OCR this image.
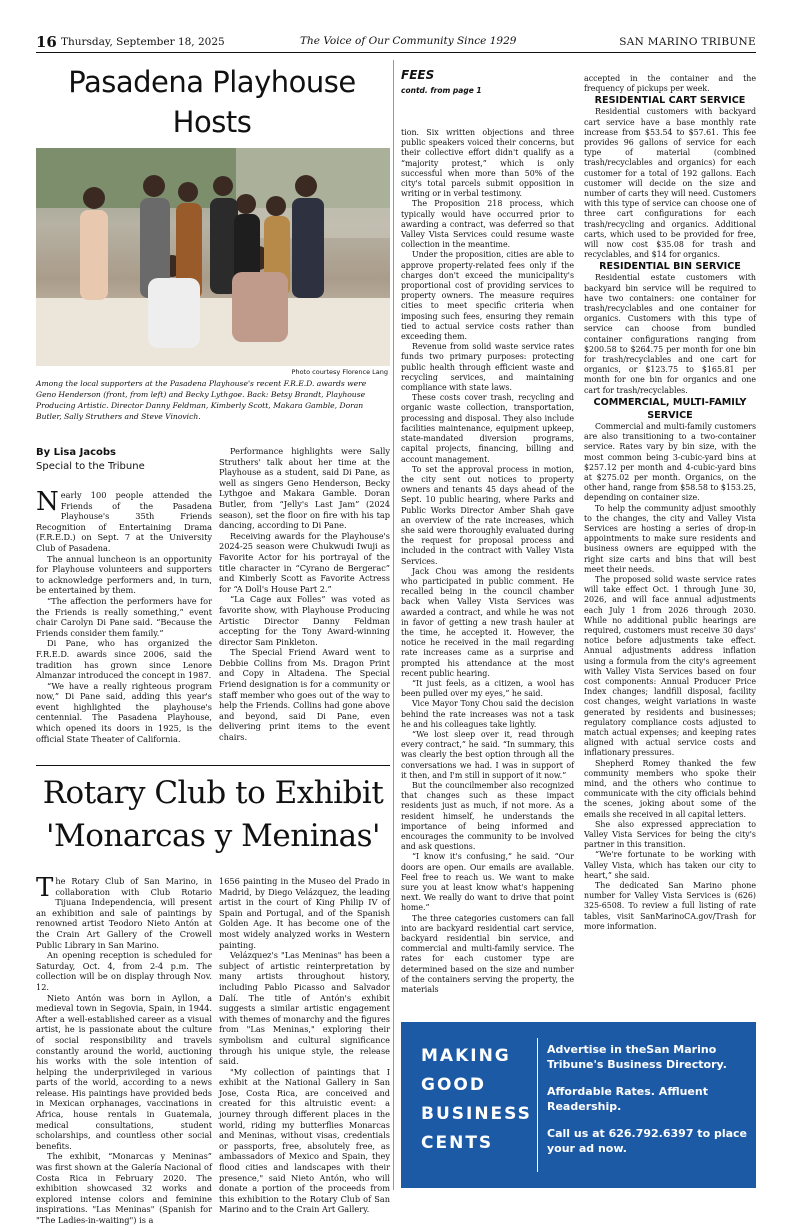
16 Thursday, September 18, 2025	The Voice of Our Community Since 1929	SAN MARINO TRIBUNE
Pasadena Playhouse Hosts
Photo courtesy Florence Lang
Among the local supporters at the Pasadena Playhouse's recent F.R.E.D. awards were Geno Henderson (front, from left) and Becky Lythgoe. Back: Betsy Brandt, Playhouse Producing Artistic. Director Danny Feldman, Kimberly Scott, Makara Gamble, Doran Butler, Sally Struthers and Steve Vinovich.
By Lisa Jacobs
Special to the Tribune

Nearly 100 people attended the Friends of the Pasadena Playhouse's 35th Friends Recognition of Entertaining Drama (F.R.E.D.) on Sept. 7 at the University Club of Pasadena.

The annual luncheon is an opportunity for Playhouse volunteers and supporters to acknowledge performers and, in turn, be entertained by them.

“The affection the performers have for the Friends is really something,” event chair Carolyn Di Pane said. “Because the Friends consider them family.”

Di Pane, who has organized the F.R.E.D. awards since 2006, said the tradition has grown since Lenore Almanzar introduced the concept in 1987.

“We have a really righteous program now,” Di Pane said, adding this year's event highlighted the playhouse's centennial. The Pasadena Playhouse, which opened its doors in 1925, is the official State Theater of California.

Performance highlights were Sally Struthers' talk about her time at the Playhouse as a student, said Di Pane, as well as singers Geno Henderson, Becky Lythgoe and Makara Gamble. Doran Butler, from “Jelly's Last Jam” (2024 season), set the floor on fire with his tap dancing, according to Di Pane.

Receiving awards for the Playhouse's 2024-25 season were Chukwudi Iwuji as Favorite Actor for his portrayal of the title character in “Cyrano de Bergerac” and Kimberly Scott as Favorite Actress for “A Doll's House Part 2.”

“La Cage aux Folles” was voted as favorite show, with Playhouse Producing Artistic Director Danny Feldman accepting for the Tony Award-winning director Sam Pinkleton.

The Special Friend Award went to Debbie Collins from Ms. Dragon Print and Copy in Altadena. The Special Friend designation is for a community or staff member who goes out of the way to help the Friends. Collins had gone above and beyond, said Di Pane, even delivering print items to the event chairs.

Rotary Club to Exhibit
'Monarcas y Meninas'

The Rotary Club of San Marino, in collaboration with Club Rotario Tijuana Independencia, will present an exhibition and sale of paintings by renowned artist Teodoro Nieto Antón at the Crain Art Gallery of the Crowell Public Library in San Marino.

An opening reception is scheduled for Saturday, Oct. 4, from 2-4 p.m. The collection will be on display through Nov. 12.

Nieto Antón was born in Ayllon, a medieval town in Segovia, Spain, in 1944. After a well-established career as a visual artist, he is passionate about the culture of social responsibility and travels constantly around the world, auctioning his works with the sole intention of helping the underprivileged in various parts of the world, according to a news release. His paintings have provided beds in Mexican orphanages, vaccinations in Africa, house rentals in Guatemala, medical consultations, student scholarships, and countless other social benefits.

The exhibit, “Monarcas y Meninas” was first shown at the Galería Nacional of Costa Rica in February 2020. The exhibition showcased 32 works and explored intense colors and feminine inspirations. "Las Meninas" (Spanish for "The Ladies-in-waiting") is a

1656 painting in the Museo del Prado in Madrid, by Diego Velázquez, the leading artist in the court of King Philip IV of Spain and Portugal, and of the Spanish Golden Age. It has become one of the most widely analyzed works in Western painting.

Velázquez's "Las Meninas" has been a subject of artistic reinterpretation by many artists throughout history, including Pablo Picasso and Salvador Dalí. The title of Antón's exhibit suggests a similar artistic engagement with themes of monarchy and the figures from "Las Meninas," exploring their symbolism and cultural significance through his unique style, the release said.

"My collection of paintings that I exhibit at the National Gallery in San Jose, Costa Rica, are conceived and created for this altruistic event: a journey through different places in the world, riding my butterflies Monarcas and Meninas, without visas, credentials or passports, free, absolutely free, as ambassadors of Mexico and Spain, they flood cities and landscapes with their presence," said Nieto Antón, who will donate a portion of the proceeds from this exhibition to the Rotary Club of San Marino and to the Crain Art Gallery.

FEES
contd. from page 1

tion. Six written objections and three public speakers voiced their concerns, but their collective effort didn't qualify as a “majority protest,” which is only successful when more than 50% of the city's total parcels submit opposition in writing or in verbal testimony.

The Proposition 218 process, which typically would have occurred prior to awarding a contract, was deferred so that Valley Vista Services could resume waste collection in the meantime.

Under the proposition, cities are able to approve property-related fees only if the charges don't exceed the municipality's proportional cost of providing services to property owners. The measure requires cities to meet specific criteria when imposing such fees, ensuring they remain tied to actual service costs rather than exceeding them.

Revenue from solid waste service rates funds two primary purposes: protecting public health through efficient waste and recycling services, and maintaining compliance with state laws.

These costs cover trash, recycling and organic waste collection, transportation, processing and disposal. They also include facilities maintenance, equipment upkeep, state-mandated diversion programs, capital projects, financing, billing and account management.

To set the approval process in motion, the city sent out notices to property owners and tenants 45 days ahead of the Sept. 10 public hearing, where Parks and Public Works Director Amber Shah gave an overview of the rate increases, which she said were thoroughly evaluated during the request for proposal process and included in the contract with Valley Vista Services.

Jack Chou was among the residents who participated in public comment. He recalled being in the council chamber back when Valley Vista Services was awarded a contract, and while he was not in favor of getting a new trash hauler at the time, he accepted it. However, the notice he received in the mail regarding rate increases came as a surprise and prompted his attendance at the most recent public hearing.

“It just feels, as a citizen, a wool has been pulled over my eyes,” he said.

Vice Mayor Tony Chou said the decision behind the rate increases was not a task he and his colleagues take lightly.

“We lost sleep over it, read through every contract,” he said. “In summary, this was clearly the best option through all the conversations we had. I was in support of it then, and I'm still in support of it now.”

But the councilmember also recognized that changes such as these impact residents just as much, if not more. As a resident himself, he understands the importance of being informed and encourages the community to be involved and ask questions.

“I know it's confusing,” he said. “Our doors are open. Our emails are available. Feel free to reach us. We want to make sure you at least know what's happening next. We really do want to drive that point home.”

The three categories customers can fall into are backyard residential cart service, backyard residential bin service, and commercial and multi-family service. The rates for each customer type are determined based on the size and number of the containers serving the property, the materials

accepted in the container and the frequency of pickups per week.

RESIDENTIAL CART SERVICE

Residential customers with backyard cart service have a base monthly rate increase from $53.54 to $57.61. This fee provides 96 gallons of service for each type of material (combined trash/recyclables and organics) for each customer for a total of 192 gallons. Each customer will decide on the size and number of carts they will need. Customers with this type of service can choose one of three cart configurations for each trash/recycling and organics. Additional carts, which used to be provided for free, will now cost $35.08 for trash and recyclables, and $14 for organics.

RESIDENTIAL BIN SERVICE

Residential estate customers with backyard bin service will be required to have two containers: one container for trash/recyclables and one container for organics. Customers with this type of service can choose from bundled container configurations ranging from $200.58 to $264.75 per month for one bin for trash/recyclables and one cart for organics, or $123.75 to $165.81 per month for one bin for organics and one cart for trash/recyclables.

COMMERCIAL, MULTI-FAMILY SERVICE

Commercial and multi-family customers are also transitioning to a two-container service. Rates vary by bin size, with the most common being 3-cubic-yard bins at $257.12 per month and 4-cubic-yard bins at $275.02 per month. Organics, on the other hand, range from $58.58 to $153.25, depending on container size.

To help the community adjust smoothly to the changes, the city and Valley Vista Services are hosting a series of drop-in appointments to make sure residents and business owners are equipped with the right size carts and bins that will best meet their needs.

The proposed solid waste service rates will take effect Oct. 1 through June 30, 2026, and will face annual adjustments each July 1 from 2026 through 2030. While no additional public hearings are required, customers must receive 30 days' notice before adjustments take effect. Annual adjustments address inflation using a formula from the city's agreement with Valley Vista Services based on four cost components: Annual Producer Price Index changes; landfill disposal, facility cost changes, weight variations in waste generated by residents and businesses; regulatory compliance costs adjusted to match actual expenses; and keeping rates aligned with actual service costs and inflationary pressures.

Shepherd Romey thanked the few community members who spoke their mind, and the others who continue to communicate with the city officials behind the scenes, joking about some of the emails she received in all capital letters.

She also expressed appreciation to Valley Vista Services for being the city's partner in this transition.

“We're fortunate to be working with Valley Vista, which has taken our city to heart,” she said.

The dedicated San Marino phone number for Valley Vista Services is (626) 325-6508. To review a full listing of rate tables, visit SanMarinoCA.gov/Trash for more information.

MAKING
GOOD
BUSINESS
CENTS
Advertise in theSan Marino Tribune's Business Directory.
Affordable Rates. Affluent Readership.
Call us at 626.792.6397 to place your ad now.
